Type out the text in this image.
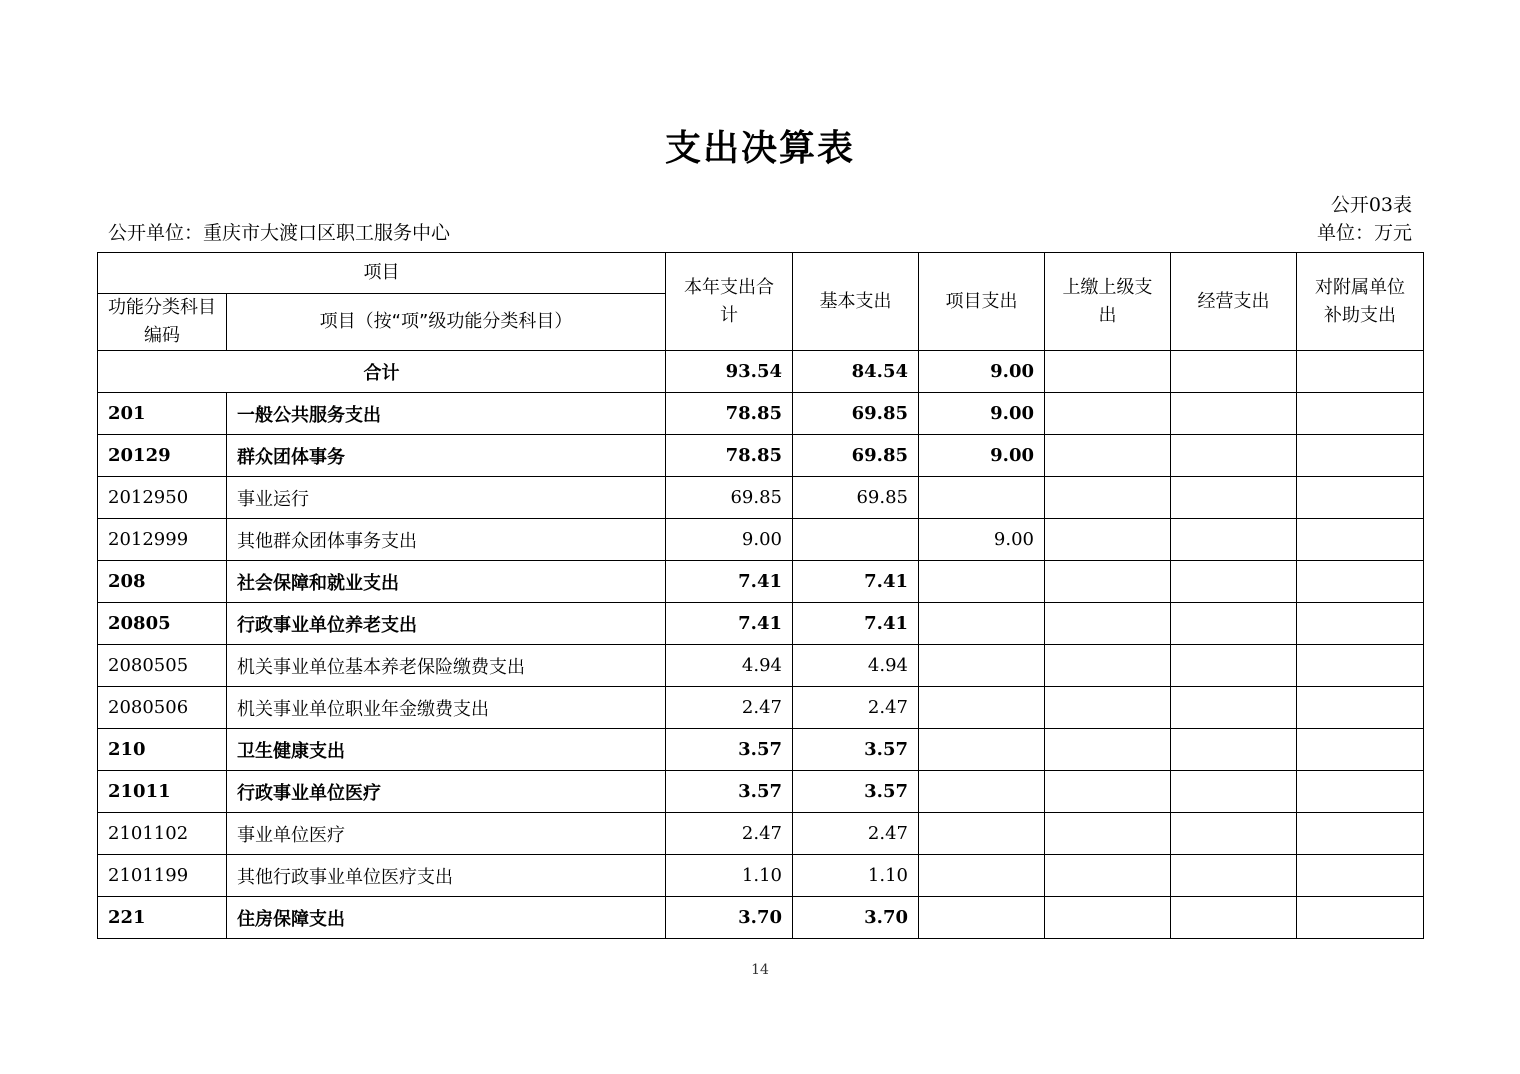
支出决算表
公开03表
单位：万元
公开单位：重庆市大渡口区职工服务中心
项目		本年支出合计	基本支出	项目支出	上缴上级支出	经营支出	对附属单位补助支出
功能分类科目编码	项目（按“项”级功能分类科目）						
合计		93.54	84.54	9.00			
201	一般公共服务支出	78.85	69.85	9.00			
20129	群众团体事务	78.85	69.85	9.00			
2012950	事业运行	69.85	69.85				
2012999	其他群众团体事务支出	9.00		9.00			
208	社会保障和就业支出	7.41	7.41				
20805	行政事业单位养老支出	7.41	7.41				
2080505	机关事业单位基本养老保险缴费支出	4.94	4.94				
2080506	机关事业单位职业年金缴费支出	2.47	2.47				
210	卫生健康支出	3.57	3.57				
21011	行政事业单位医疗	3.57	3.57				
2101102	事业单位医疗	2.47	2.47				
2101199	其他行政事业单位医疗支出	1.10	1.10				
221	住房保障支出	3.70	3.70				
14
